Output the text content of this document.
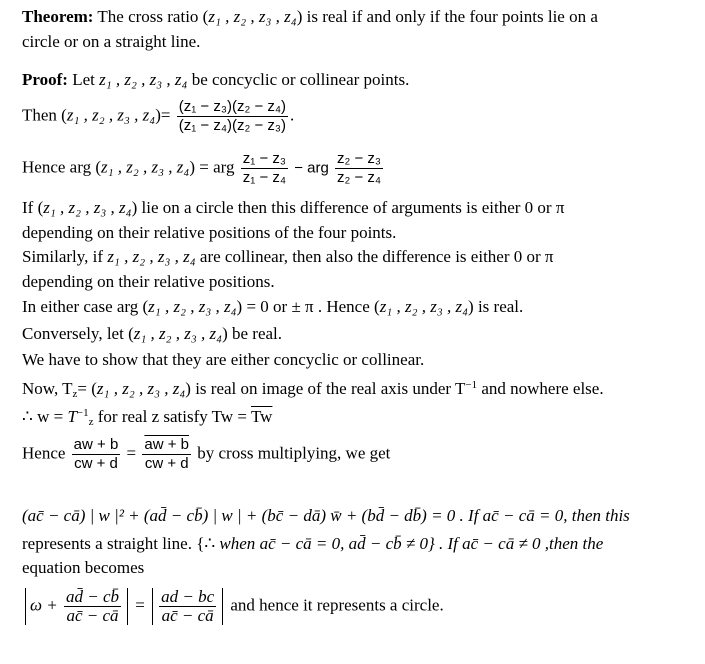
Theorem: The cross ratio (z₁ , z₂ , z₃ , z₄) is real if and only if the four points lie on a
circle or on a straight line.
Proof: Let z₁ , z₂ , z₃ , z₄ be concyclic or collinear points.
Then (z₁ , z₂ , z₃ , $z_4)= \frac{\text{(z₁ − z₃)(z₂ − z₄)}}{\text{(z₁ − z₄)(z₂ − z₃)}}$ .
Hence arg (z₁ , z₂ , z₃ , z₄) = arg $\frac{\text{z₁ − z₃}}{\text{z₁ − z₄}}$ − arg $\frac{\text{z₂ − z₃}}{\text{z₂ − z₄}}$
If (z₁ , z₂ , z₃ , z₄) lie on a circle then this difference of arguments is either 0 or π
depending on their relative positions of the four points.
Similarly, if z₁ , z₂ , z₃ , z₄ are collinear, then also the difference is either 0 or π
depending on their relative positions.
In either case arg (z₁ , z₂ , z₃ , z₄) = 0 or ± π . Hence (z₁ , z₂ , z₃ , z₄) is real.
Conversely, let (z₁ , z₂ , z₃ , z₄) be real.
We have to show that they are either concyclic or collinear.
Now, $T_z= (z_1$ , z₂ , z₃ , z₄) is real on image of the real axis under $T^{-1}$ and nowhere else.
∴ $w = T^{-1}_z$ for real z satisfy $Tw = \overline{Tw}$
Hence $\frac{aw + b}{cw + d} = \frac{aw + b}{cw + d}$ by cross multiplying, we get
(ac̄ − cā) | w |² + (ad̄ − cb̄) | w | + (bc̄ − dā) w̄ + (bd̄ − db̄) = 0 . If ac̄ − cā = 0, then this
represents a straight line. {∴ when ac̄ − cā = 0, ad̄ − cb̄ ≠ 0} . If ac̄ − cā ≠ 0 ,then the
equation becomes
$\omega + \frac{ad̄ - cb̄}{ac̄ - cā} = \frac{ad - bc}{ac̄ - cā}$ and hence it represents a circle.
